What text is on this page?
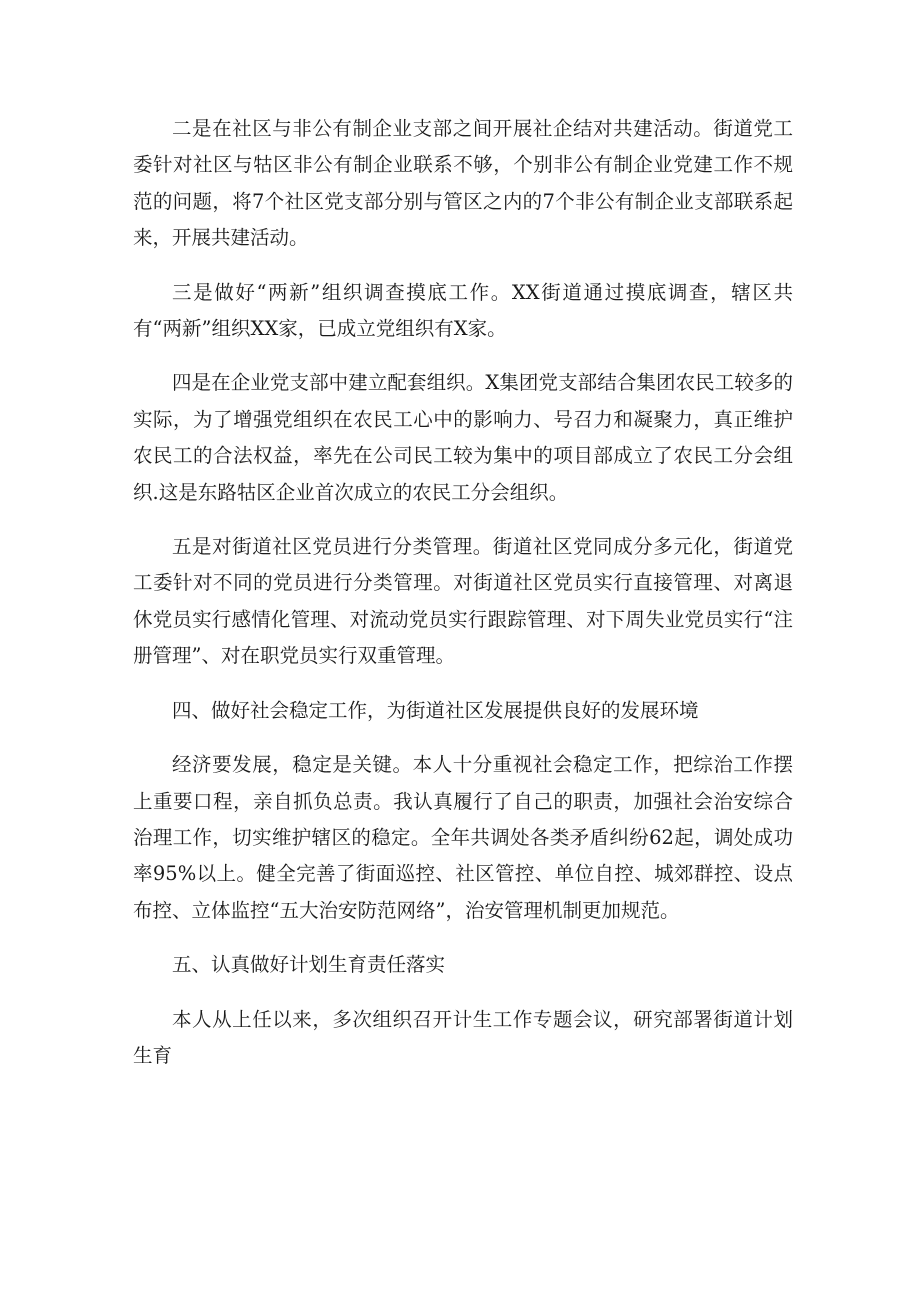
二是在社区与非公有制企业支部之间开展社企结对共建活动。街道党工委针对社区与牯区非公有制企业联系不够，个别非公有制企业党建工作不规范的问题，将7个社区党支部分别与管区之内的7个非公有制企业支部联系起来，开展共建活动。

三是做好“两新”组织调查摸底工作。XX街道通过摸底调查，辖区共有“两新”组织XX家，已成立党组织有X家。

四是在企业党支部中建立配套组织。X集团党支部结合集团农民工较多的实际，为了增强党组织在农民工心中的影响力、号召力和凝聚力，真正维护农民工的合法权益，率先在公司民工较为集中的项目部成立了农民工分会组织.这是东路牯区企业首次成立的农民工分会组织。

五是对街道社区党员进行分类管理。街道社区党同成分多元化，街道党工委针对不同的党员进行分类管理。对街道社区党员实行直接管理、对离退休党员实行感情化管理、对流动党员实行跟踪管理、对下周失业党员实行“注册管理”、对在职党员实行双重管理。

四、做好社会稳定工作，为街道社区发展提供良好的发展环境

经济要发展，稳定是关键。本人十分重视社会稳定工作，把综治工作摆上重要口程，亲自抓负总责。我认真履行了自己的职责，加强社会治安综合治理工作，切实维护辖区的稳定。全年共调处各类矛盾纠纷62起，调处成功率95%以上。健全完善了街面巡控、社区管控、单位自控、城郊群控、设点布控、立体监控“五大治安防范网络”，治安管理机制更加规范。

五、认真做好计划生育责任落实

本人从上任以来，多次组织召开计生工作专题会议，研究部署街道计划生育
